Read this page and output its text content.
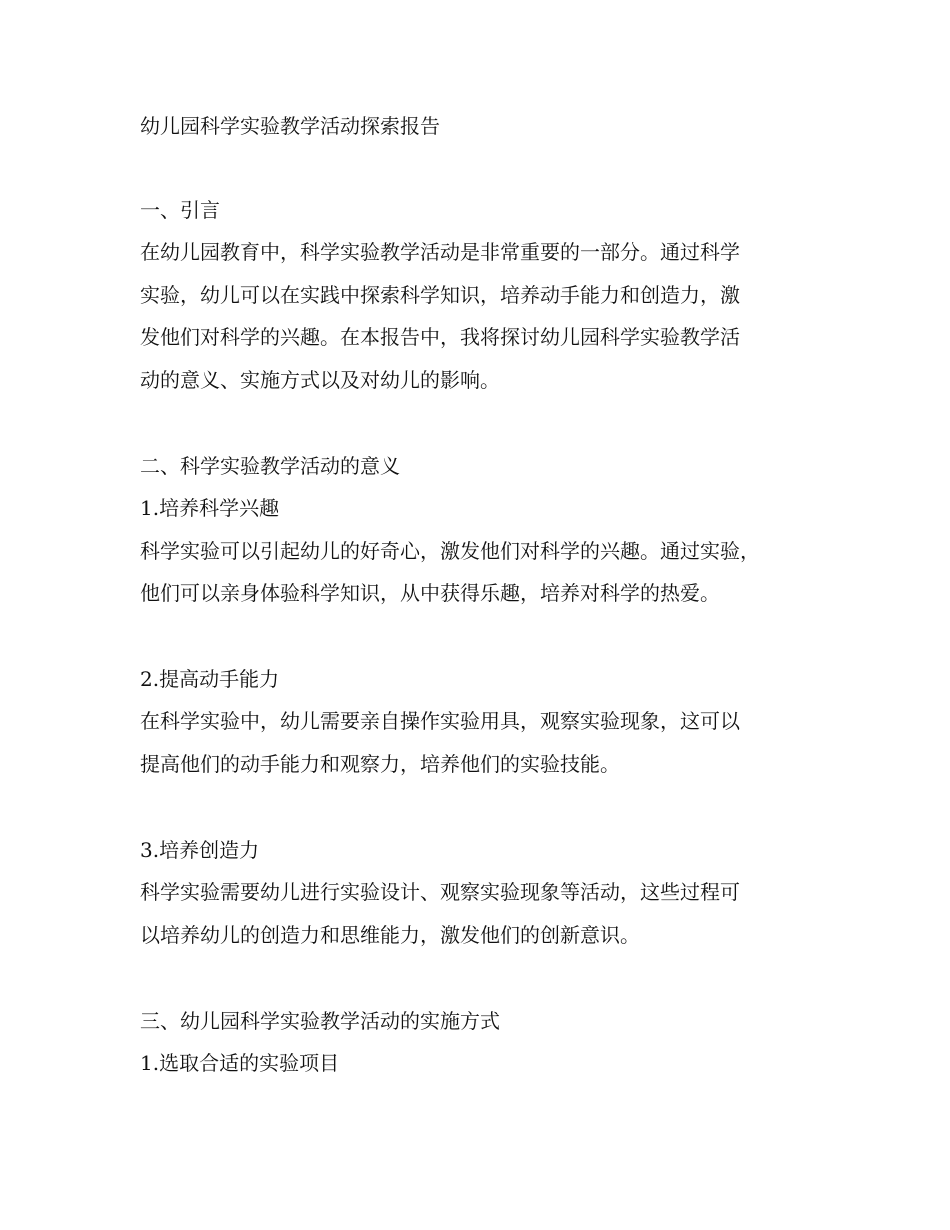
幼儿园科学实验教学活动探索报告

一、引言

在幼儿园教育中，科学实验教学活动是非常重要的一部分。通过科学

实验，幼儿可以在实践中探索科学知识，培养动手能力和创造力，激

发他们对科学的兴趣。在本报告中，我将探讨幼儿园科学实验教学活

动的意义、实施方式以及对幼儿的影响。

二、科学实验教学活动的意义

1.培养科学兴趣

科学实验可以引起幼儿的好奇心，激发他们对科学的兴趣。通过实验，

他们可以亲身体验科学知识，从中获得乐趣，培养对科学的热爱。

2.提高动手能力

在科学实验中，幼儿需要亲自操作实验用具，观察实验现象，这可以

提高他们的动手能力和观察力，培养他们的实验技能。

3.培养创造力

科学实验需要幼儿进行实验设计、观察实验现象等活动，这些过程可

以培养幼儿的创造力和思维能力，激发他们的创新意识。

三、幼儿园科学实验教学活动的实施方式

1.选取合适的实验项目
